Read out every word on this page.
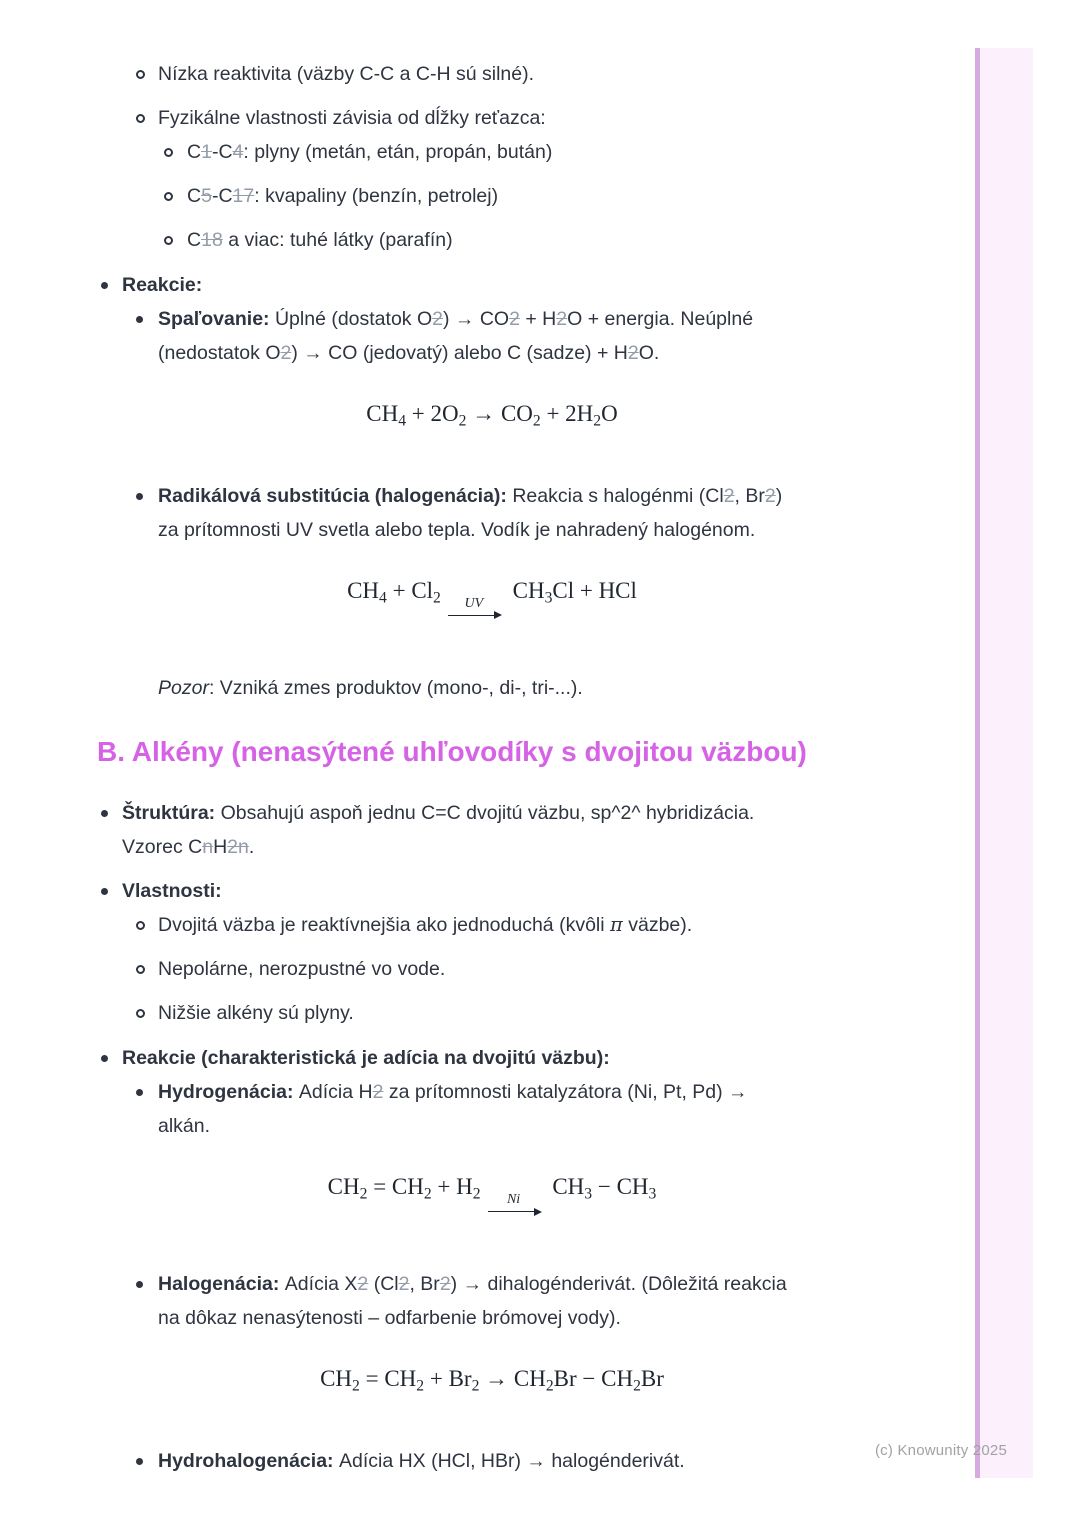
Nízka reaktivita (väzby C-C a C-H sú silné).
Fyzikálne vlastnosti závisia od dĺžky reťazca:
C1-C4: plyny (metán, etán, propán, bután)
C5-C17: kvapaliny (benzín, petrolej)
C18 a viac: tuhé látky (parafín)
Reakcie:
Spaľovanie: Úplné (dostatok O2) → CO2 + H2O + energia. Neúplné
(nedostatok O2) → CO (jedovatý) alebo C (sadze) + H2O.
CH4 + 2O2 → CO2 + 2H2O
Radikálová substitúcia (halogenácia): Reakcia s halogénmi (Cl2, Br2)
za prítomnosti UV svetla alebo tepla. Vodík je nahradený halogénom.
CH4 + Cl2 UV
CH3Cl + HCl
Pozor: Vzniká zmes produktov (mono-, di-, tri-...).
B. Alkény (nenasýtené uhľovodíky s dvojitou väzbou)
Štruktúra: Obsahujú aspoň jednu C=C dvojitú väzbu, sp^2^ hybridizácia.
Vzorec CnH2n.
Vlastnosti:
Dvojitá väzba je reaktívnejšia ako jednoduchá (kvôli π väzbe).
Nepolárne, nerozpustné vo vode.
Nižšie alkény sú plyny.
Reakcie (charakteristická je adícia na dvojitú väzbu):
Hydrogenácia: Adícia H2 za prítomnosti katalyzátora (Ni, Pt, Pd) →
alkán.
CH2 = CH2 + H2 Ni
CH3 − CH3
Halogenácia: Adícia X2 (Cl2, Br2) → dihalogénderivát. (Dôležitá reakcia
na dôkaz nenasýtenosti – odfarbenie brómovej vody).
CH2 = CH2 + Br2 → CH2Br − CH2Br
Hydrohalogenácia: Adícia HX (HCl, HBr) → halogénderivát.	(c) Knowunity 2025
